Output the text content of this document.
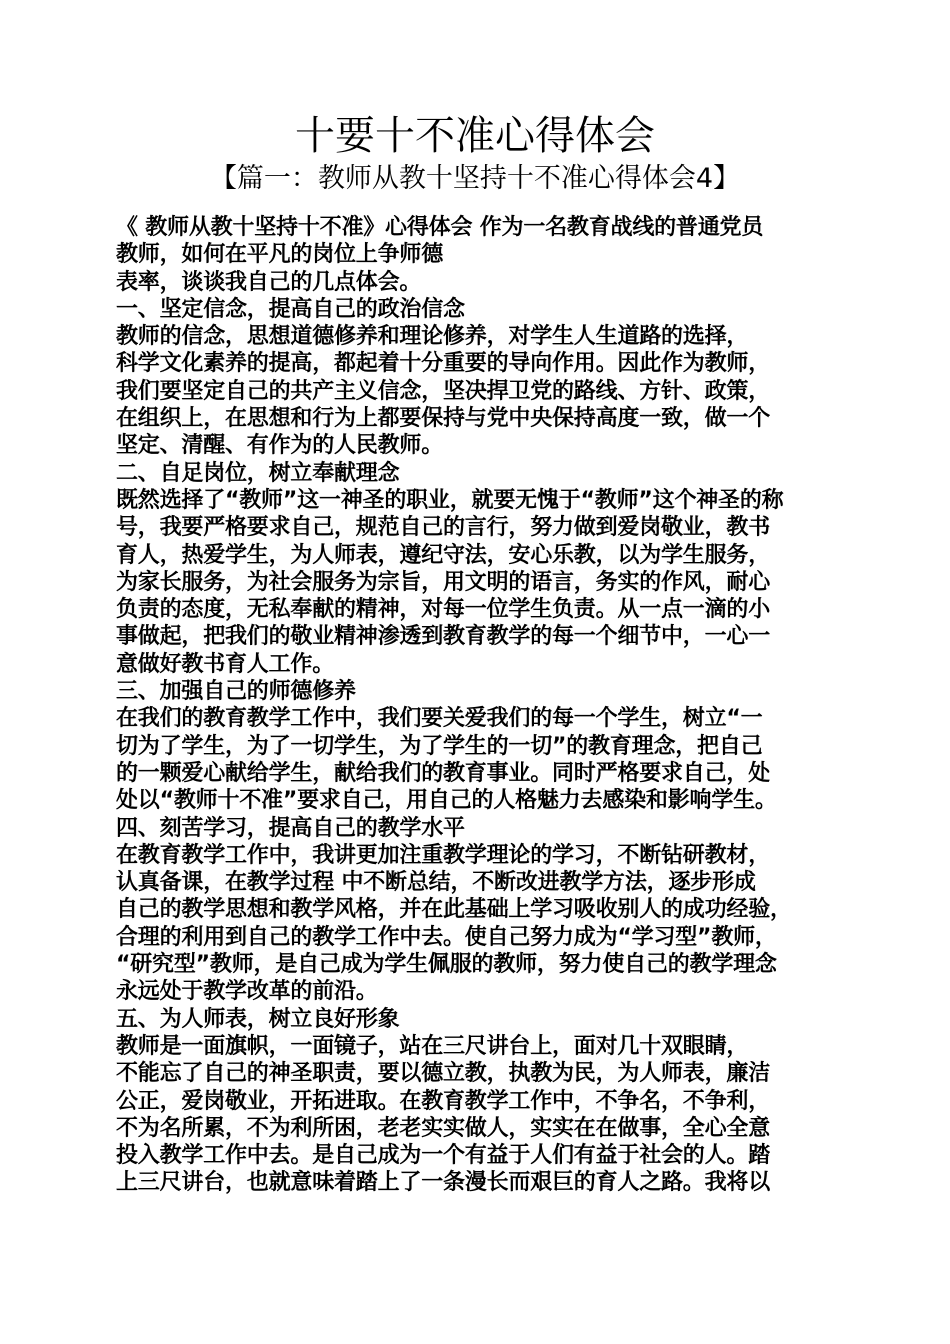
十要十不准心得体会
【篇一：教师从教十坚持十不准心得体会4】
《 教师从教十坚持十不准》心得体会 作为一名教育战线的普通党员
教师，如何在平凡的岗位上争师德
表率，谈谈我自己的几点体会。
一、坚定信念，提高自己的政治信念
教师的信念，思想道德修养和理论修养，对学生人生道路的选择，
科学文化素养的提高，都起着十分重要的导向作用。因此作为教师，
我们要坚定自己的共产主义信念，坚决捍卫党的路线、方针、政策，
在组织上，在思想和行为上都要保持与党中央保持高度一致，做一个
坚定、清醒、有作为的人民教师。
二、自足岗位，树立奉献理念
既然选择了“教师”这一神圣的职业，就要无愧于“教师”这个神圣的称
号，我要严格要求自己，规范自己的言行，努力做到爱岗敬业，教书
育人，热爱学生，为人师表，遵纪守法，安心乐教，以为学生服务，
为家长服务，为社会服务为宗旨，用文明的语言，务实的作风，耐心
负责的态度，无私奉献的精神，对每一位学生负责。从一点一滴的小
事做起，把我们的敬业精神渗透到教育教学的每一个细节中，一心一
意做好教书育人工作。
三、加强自己的师德修养
在我们的教育教学工作中，我们要关爱我们的每一个学生，树立“一
切为了学生，为了一切学生，为了学生的一切”的教育理念，把自己
的一颗爱心献给学生，献给我们的教育事业。同时严格要求自己，处
处以“教师十不准”要求自己，用自己的人格魅力去感染和影响学生。
四、刻苦学习，提高自己的教学水平
在教育教学工作中，我讲更加注重教学理论的学习，不断钻研教材，
认真备课，在教学过程 中不断总结，不断改进教学方法，逐步形成
自己的教学思想和教学风格，并在此基础上学习吸收别人的成功经验，
合理的利用到自己的教学工作中去。使自己努力成为“学习型”教师，
“研究型”教师，是自己成为学生佩服的教师，努力使自己的教学理念
永远处于教学改革的前沿。
五、为人师表，树立良好形象
教师是一面旗帜，一面镜子，站在三尺讲台上，面对几十双眼睛，
不能忘了自己的神圣职责，要以德立教，执教为民，为人师表，廉洁
公正，爱岗敬业，开拓进取。在教育教学工作中，不争名，不争利，
不为名所累，不为利所困，老老实实做人，实实在在做事，全心全意
投入教学工作中去。是自己成为一个有益于人们有益于社会的人。踏
上三尺讲台，也就意味着踏上了一条漫长而艰巨的育人之路。我将以
